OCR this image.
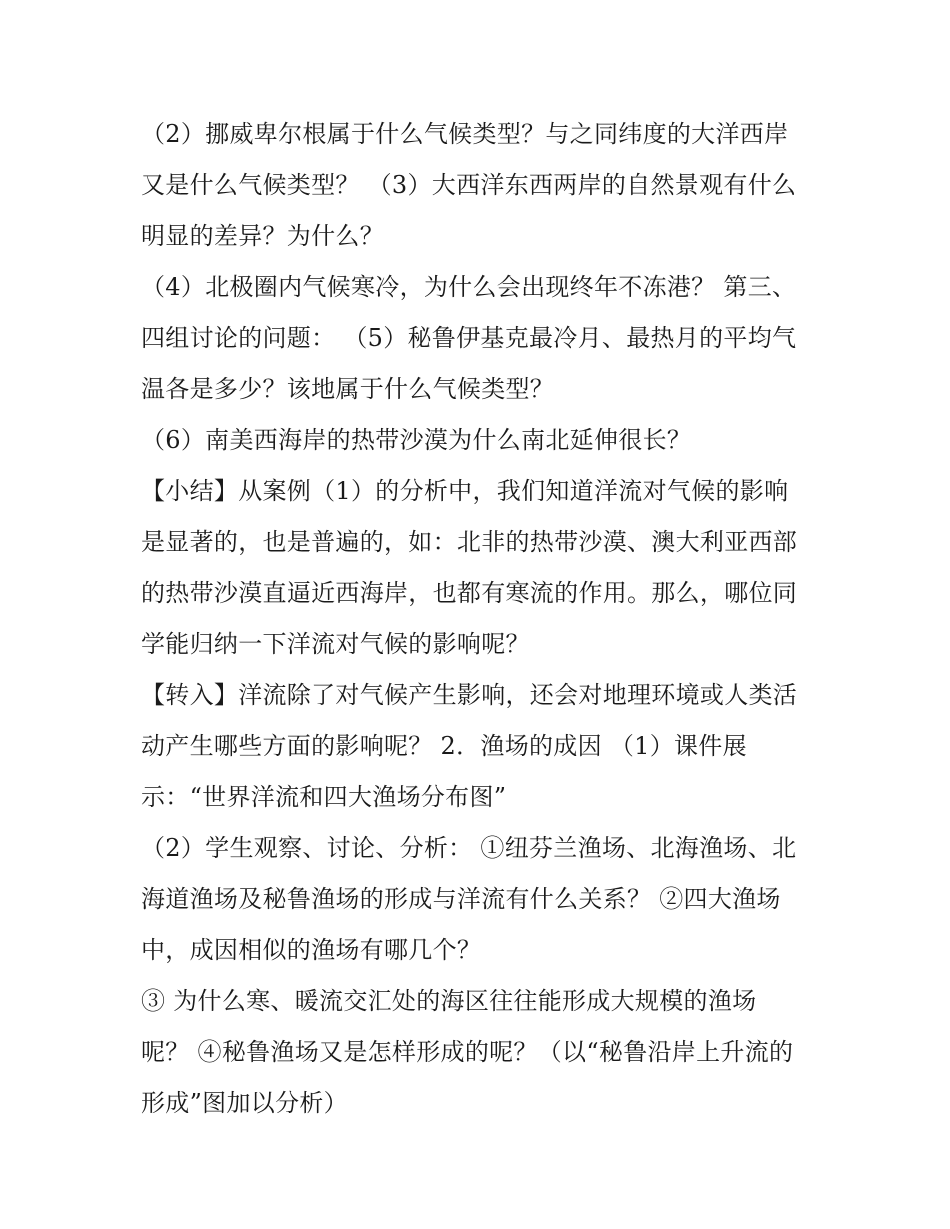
（2）挪威卑尔根属于什么气候类型？与之同纬度的大洋西岸
又是什么气候类型？ （3）大西洋东西两岸的自然景观有什么
明显的差异？为什么？
（4）北极圈内气候寒冷，为什么会出现终年不冻港？ 第三、
四组讨论的问题： （5）秘鲁伊基克最冷月、最热月的平均气
温各是多少？该地属于什么气候类型？
（6）南美西海岸的热带沙漠为什么南北延伸很长？
【小结】从案例（1）的分析中，我们知道洋流对气候的影响
是显著的，也是普遍的，如：北非的热带沙漠、澳大利亚西部
的热带沙漠直逼近西海岸，也都有寒流的作用。那么，哪位同
学能归纳一下洋流对气候的影响呢？
【转入】洋流除了对气候产生影响，还会对地理环境或人类活
动产生哪些方面的影响呢？ 2．渔场的成因 （1）课件展
示：“世界洋流和四大渔场分布图”
（2）学生观察、讨论、分析： ①纽芬兰渔场、北海渔场、北
海道渔场及秘鲁渔场的形成与洋流有什么关系？ ②四大渔场
中，成因相似的渔场有哪几个？
③ 为什么寒、暖流交汇处的海区往往能形成大规模的渔场
呢？ ④秘鲁渔场又是怎样形成的呢？（以“秘鲁沿岸上升流的
形成”图加以分析）
